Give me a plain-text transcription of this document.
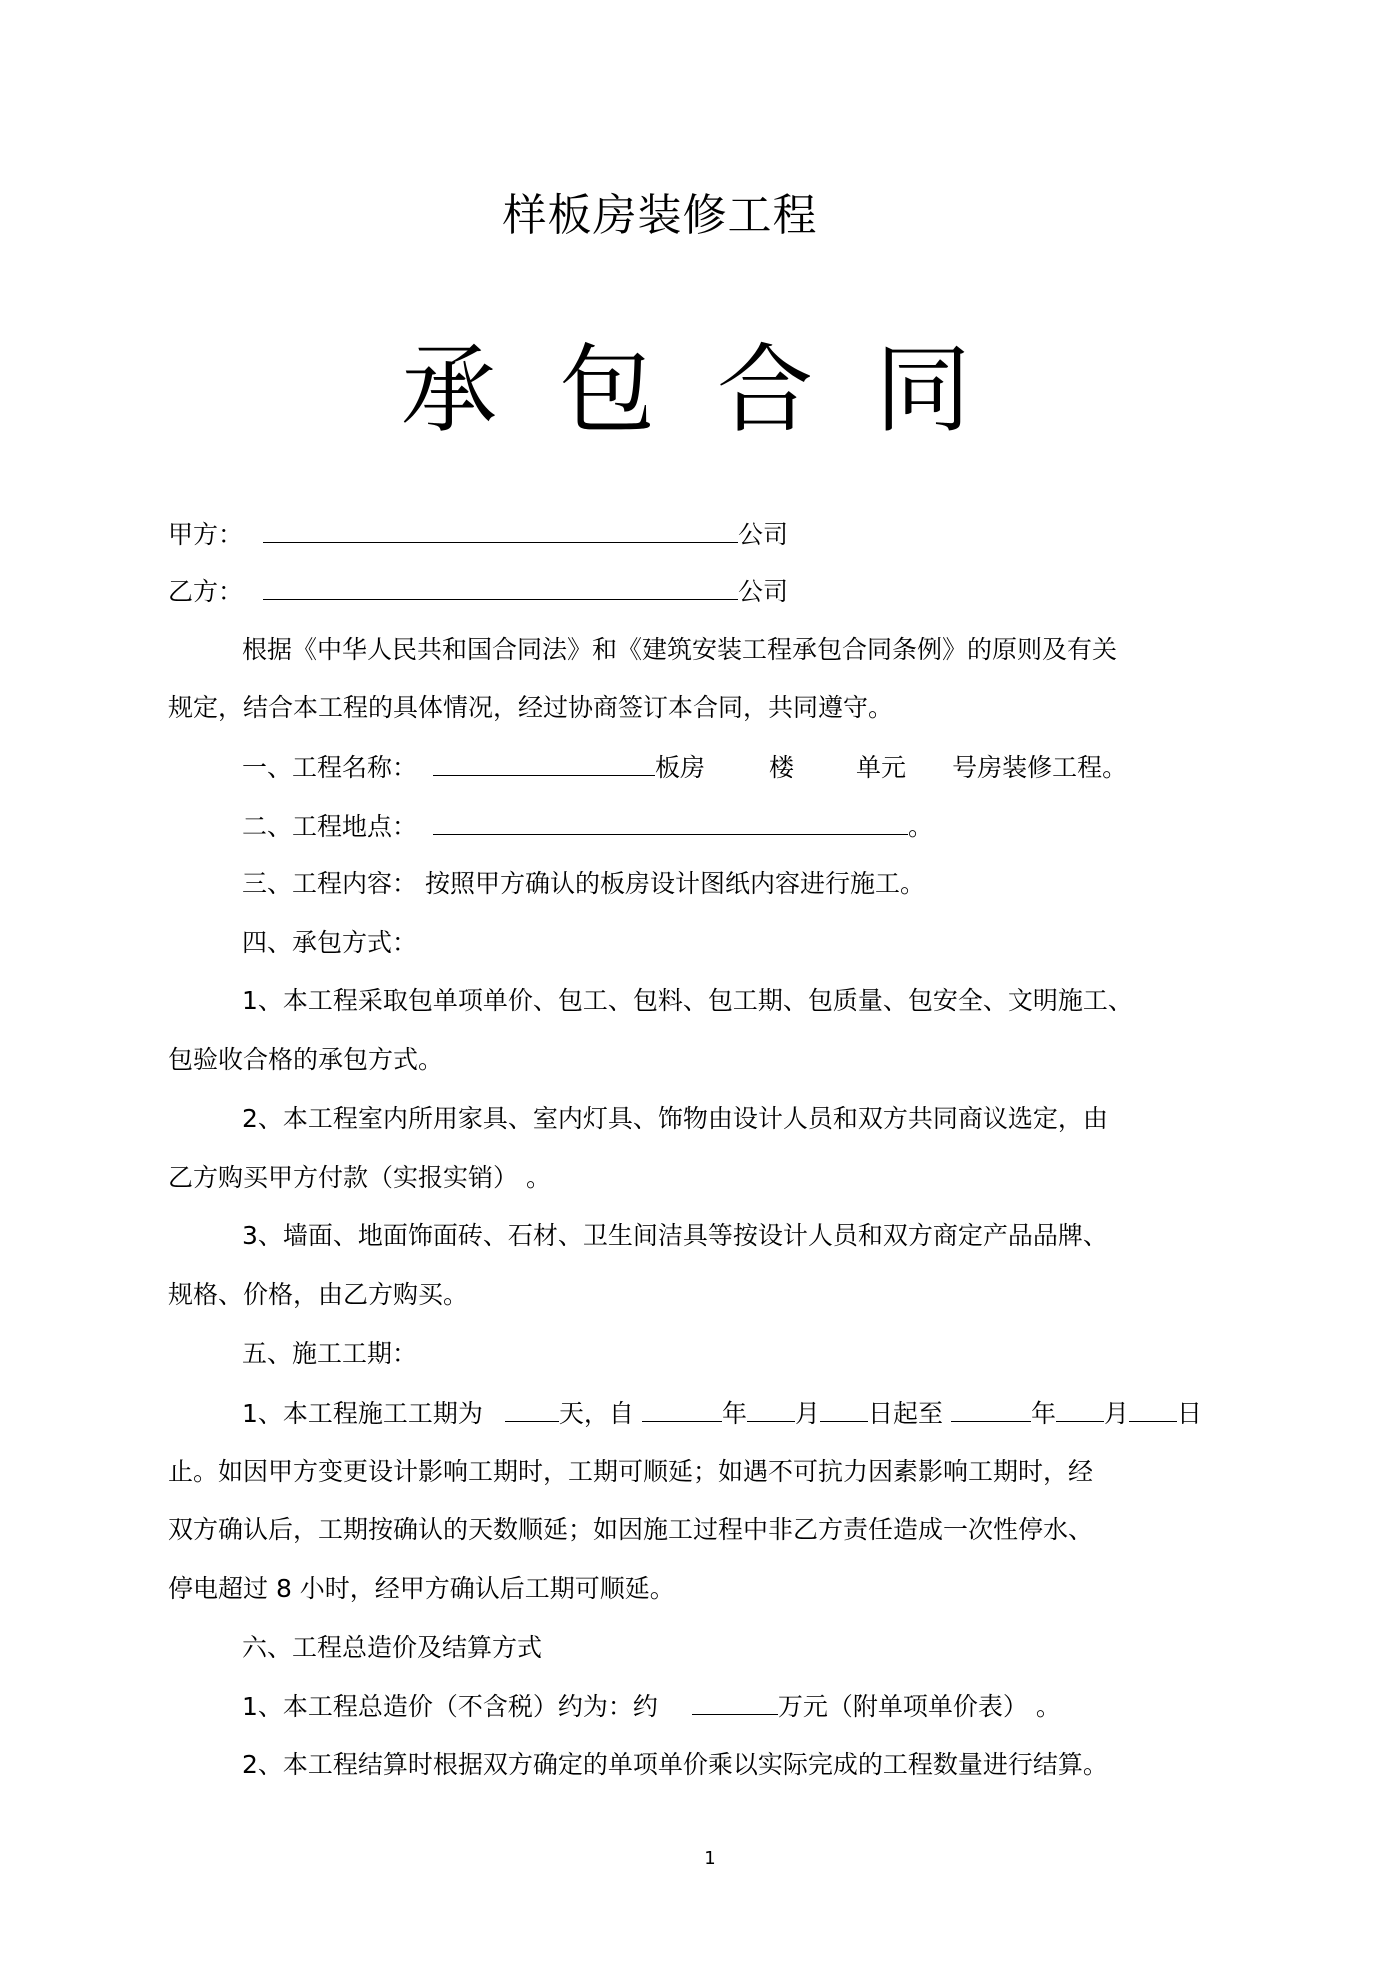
样板房装修工程
承包合同
甲方：	公司
乙方：	公司
根据《中华人民共和国合同法》和《建筑安装工程承包合同条例》的原则及有关
规定，结合本工程的具体情况，经过协商签订本合同，共同遵守。
一、工程名称：	板房	楼 单元 号房装修工程。
二、工程地点：	。
三、工程内容： 按照甲方确认的板房设计图纸内容进行施工。
四、承包方式：
1、本工程采取包单项单价、包工、包料、包工期、包质量、包安全、文明施工、
包验收合格的承包方式。
2、本工程室内所用家具、室内灯具、饰物由设计人员和双方共同商议选定，由
乙方购买甲方付款（实报实销） 。
3、墙面、地面饰面砖、石材、卫生间洁具等按设计人员和双方商定产品品牌、
规格、价格，由乙方购买。
五、施工工期：
1、本工程施工工期为	天，自	年 月 日起至	年 月 日
止。如因甲方变更设计影响工期时，工期可顺延；如遇不可抗力因素影响工期时，经
双方确认后，工期按确认的天数顺延；如因施工过程中非乙方责任造成一次性停水、
停电超过 8 小时，经甲方确认后工期可顺延。
六、工程总造价及结算方式
1、本工程总造价（不含税）约为：约	万元（附单项单价表） 。
2、本工程结算时根据双方确定的单项单价乘以实际完成的工程数量进行结算。
1
